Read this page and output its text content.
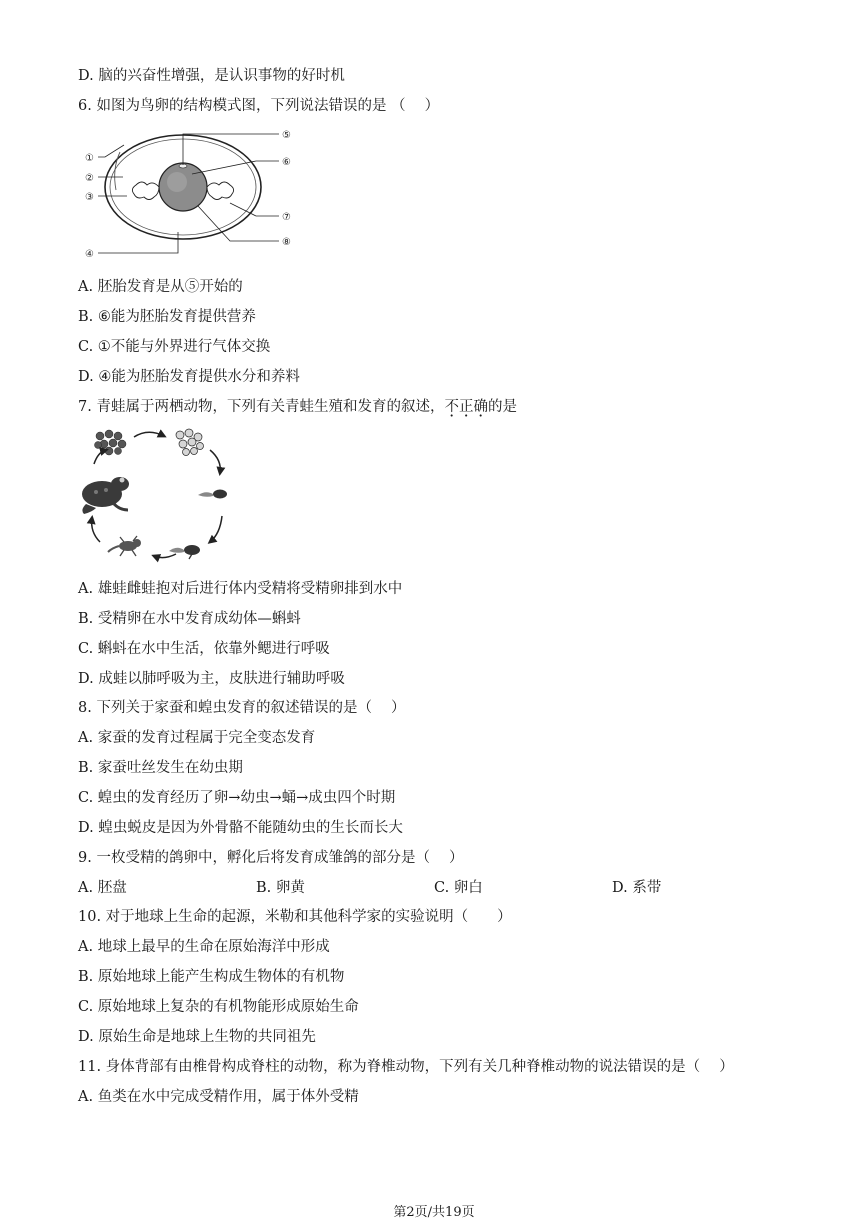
D. 脑的兴奋性增强，是认识事物的好时机
6. 如图为鸟卵的结构模式图，下列说法错误的是 （　 ）
①
②
③
④
⑤
⑥
⑦
⑧
A. 胚胎发育是从⑤开始的
B. ⑥能为胚胎发育提供营养
C. ①不能与外界进行气体交换
D. ④能为胚胎发育提供水分和养料
7. 青蛙属于两栖动物，下列有关青蛙生殖和发育的叙述，不正确的是
A. 雄蛙雌蛙抱对后进行体内受精将受精卵排到水中
B. 受精卵在水中发育成幼体—蝌蚪
C. 蝌蚪在水中生活，依靠外鳃进行呼吸
D. 成蛙以肺呼吸为主，皮肤进行辅助呼吸
8. 下列关于家蚕和蝗虫发育的叙述错误的是（　 ）
A. 家蚕的发育过程属于完全变态发育
B. 家蚕吐丝发生在幼虫期
C. 蝗虫的发育经历了卵→幼虫→蛹→成虫四个时期
D. 蝗虫蜕皮是因为外骨骼不能随幼虫的生长而长大
9. 一枚受精的鸽卵中，孵化后将发育成雏鸽的部分是（　 ）
A. 胚盘	B. 卵黄	C. 卵白	D. 系带
10. 对于地球上生命的起源，米勒和其他科学家的实验说明（　　）
A. 地球上最早的生命在原始海洋中形成
B. 原始地球上能产生构成生物体的有机物
C. 原始地球上复杂的有机物能形成原始生命
D. 原始生命是地球上生物的共同祖先
11. 身体背部有由椎骨构成脊柱的动物，称为脊椎动物，下列有关几种脊椎动物的说法错误的是（　 ）
A. 鱼类在水中完成受精作用，属于体外受精
第2页/共19页
